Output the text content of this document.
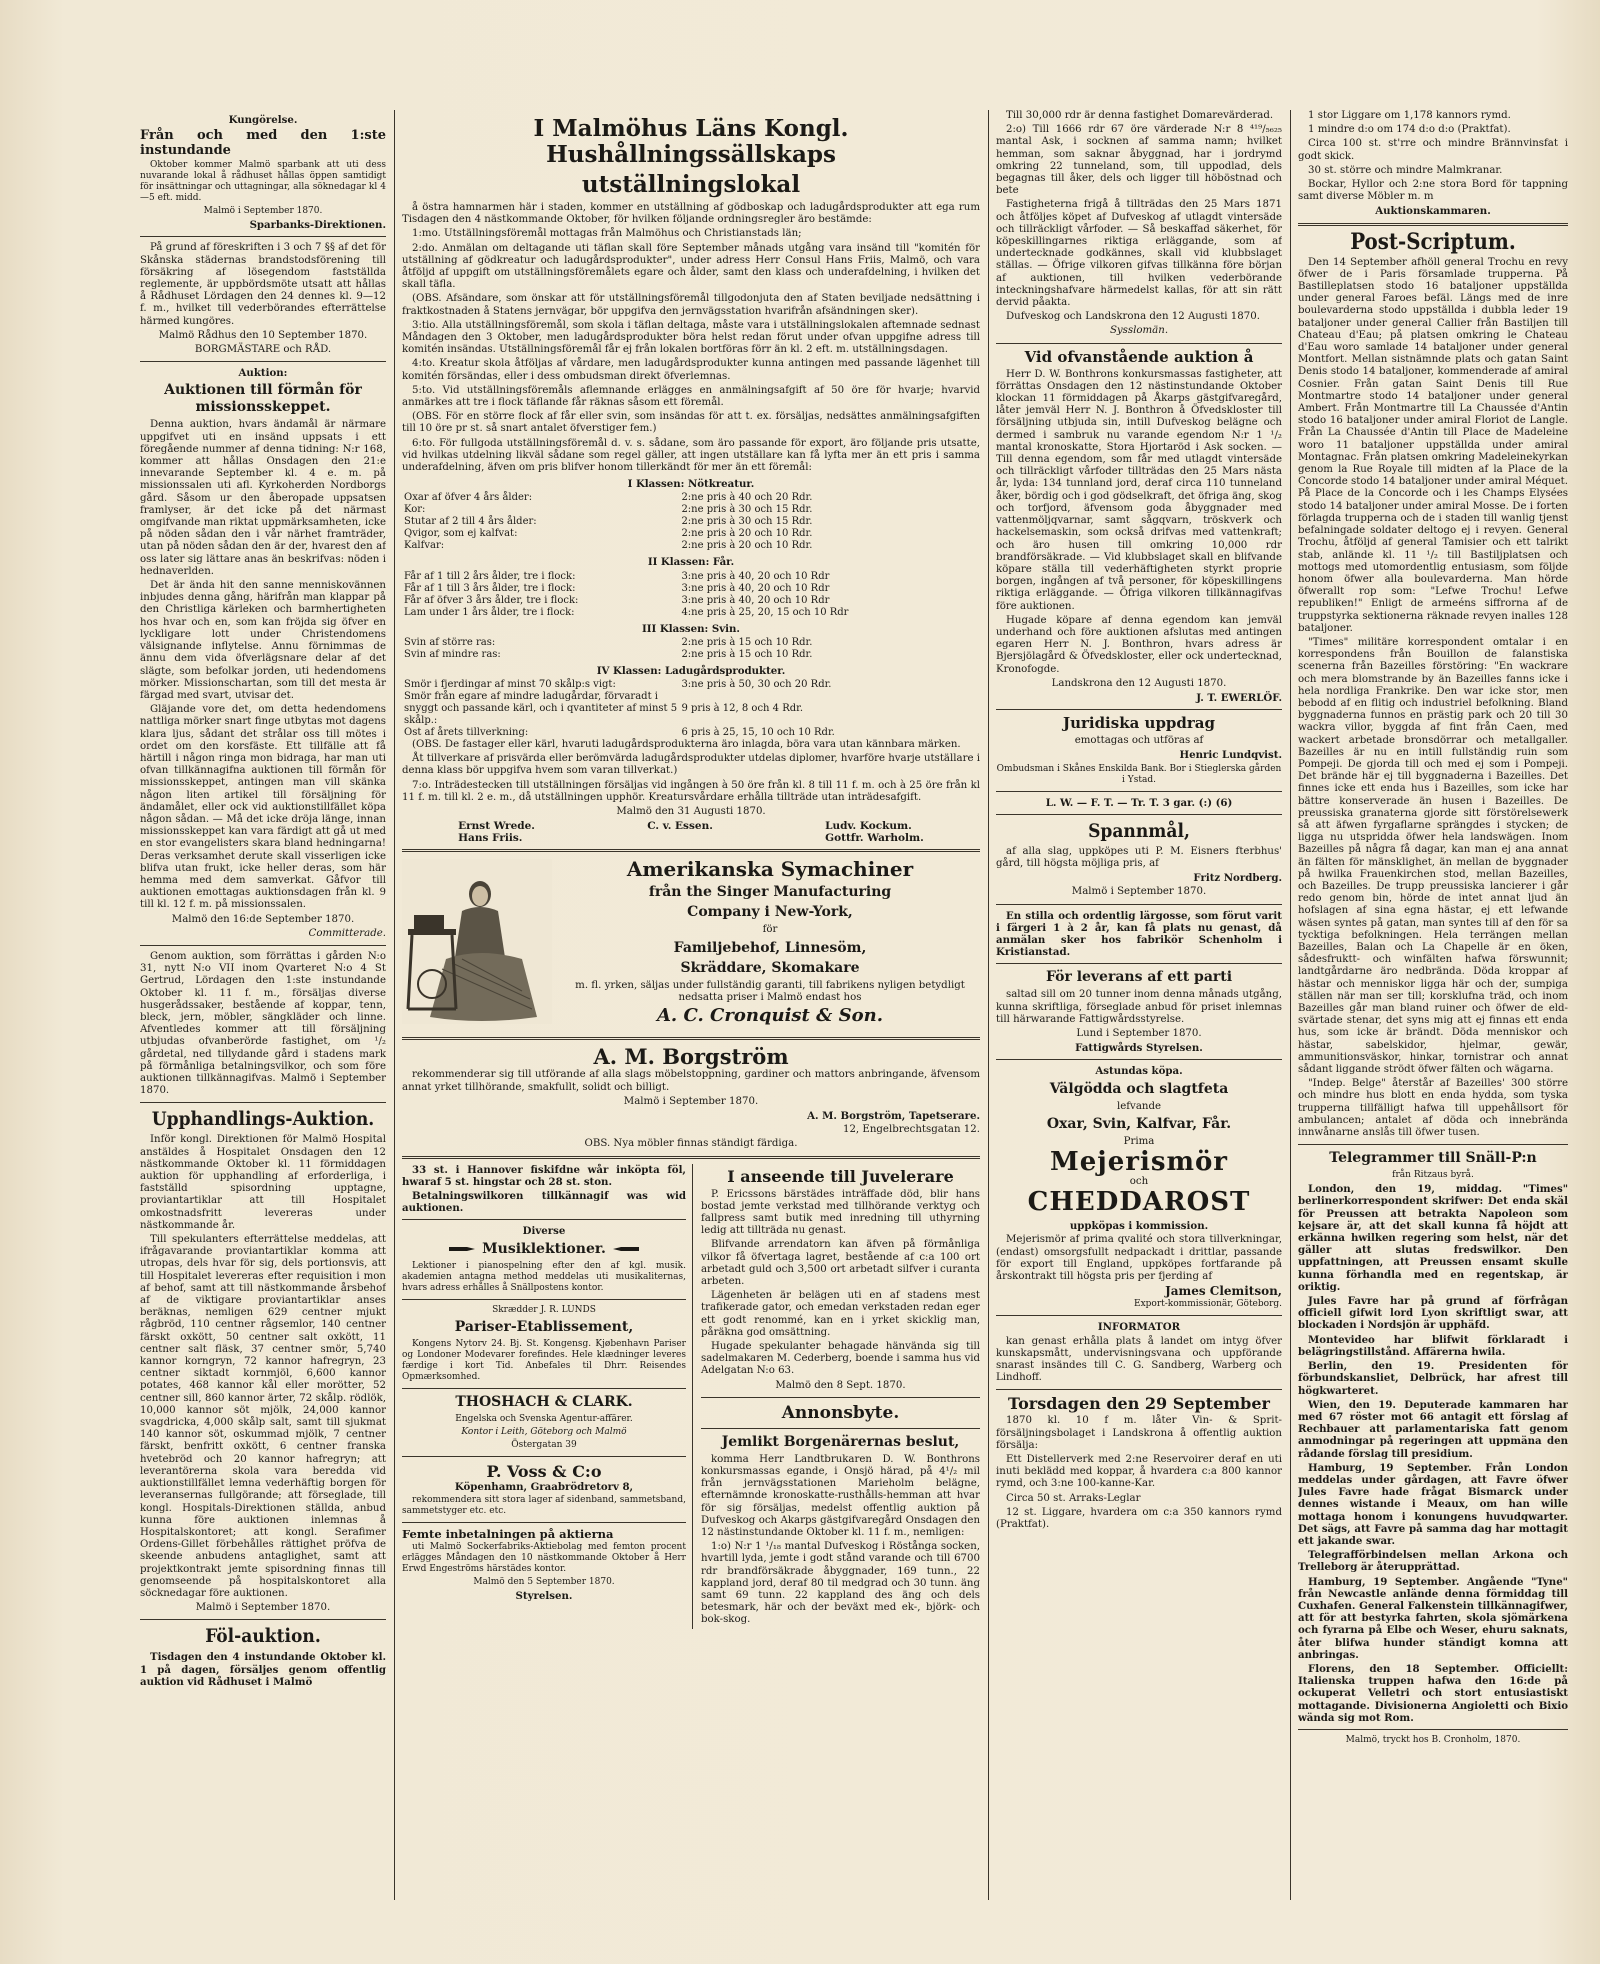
Kungörelse.

Från och med den 1:ste instundande

Oktober kommer Malmö sparbank att uti dess nuvarande lokal å rådhuset hållas öppen samtidigt för insättningar och uttagningar, alla söknedagar kl 4—5 eft. midd.

Malmö i September 1870.

Sparbanks-Direktionen.

På grund af föreskriften i 3 och 7 §§ af det för Skånska städernas brandstodsförening till försäkring af lösegendom fastställda reglemente, är uppbördsmöte utsatt att hållas å Rådhuset Lördagen den 24 dennes kl. 9—12 f. m., hvilket till vederbörandes efterrättelse härmed kungöres.

Malmö Rådhus den 10 September 1870.

BORGMÄSTARE och RÅD.

Auktion:
Auktionen till förmån för missionsskeppet.

Denna auktion, hvars ändamål är närmare uppgifvet uti en insänd uppsats i ett föregående nummer af denna tidning: N:r 168, kommer att hållas Onsdagen den 21:e innevarande September kl. 4 e. m. på missionssalen uti afl. Kyrkoherden Nordborgs gård. Såsom ur den åberopade uppsatsen framlyser, är det icke på det närmast omgifvande man riktat uppmärksamheten, icke på nöden sådan den i vår närhet framträder, utan på nöden sådan den är der, hvarest den af oss later sig lättare anas än beskrifvas: nöden i hednaverlden.

Det är ända hit den sanne menniskovännen inbjudes denna gång, härifrån man klappar på den Christliga kärleken och barmhertigheten hos hvar och en, som kan fröjda sig öfver en lyckligare lott under Christendomens välsignande inflytelse. Annu förnimmas de ännu dem vida öfverlägsnare delar af det slägte, som befolkar jorden, uti hedendomens mörker. Missionschartan, som till det mesta är färgad med svart, utvisar det.

Gläjande vore det, om detta hedendomens nattliga mörker snart finge utbytas mot dagens klara ljus, sådant det strålar oss till mötes i ordet om den korsfäste. Ett tillfälle att få härtill i någon ringa mon bidraga, har man uti ofvan tillkännagifna auktionen till förmån för missionsskeppet, antingen man vill skänka någon liten artikel till försäljning för ändamålet, eller ock vid auktionstillfället köpa någon sådan. — Må det icke dröja länge, innan missionsskeppet kan vara färdigt att gå ut med en stor evangelisters skara bland hedningarna! Deras verksamhet derute skall visserligen icke blifva utan frukt, icke heller deras, som här hemma med dem samverkat. Gåfvor till auktionen emottagas auktionsdagen från kl. 9 till kl. 12 f. m. på missionssalen.

Malmö den 16:de September 1870.

Committerade.

Genom auktion, som förrättas i gården N:o 31, nytt N:o VII inom Qvarteret N:o 4 St Gertrud, Lördagen den 1:ste instundande Oktober kl. 11 f. m., försäljas diverse husgerådssaker, bestående af koppar, tenn, bleck, jern, möbler, sängkläder och linne. Afventledes kommer att till försäljning utbjudas ofvanberörde fastighet, om ¹/₂ gårdetal, ned tillydande gård i stadens mark på förmånliga betalningsvilkor, och som före auktionen tillkännagifvas. Malmö i September 1870.

Upphandlings-Auktion.

Inför kongl. Direktionen för Malmö Hospital anstäldes å Hospitalet Onsdagen den 12 nästkommande Oktober kl. 11 förmiddagen auktion för upphandling af erforderliga, i fastställd spisordning upptagne, proviantartiklar att till Hospitalet omkostnadsfritt levereras under nästkommande år.

Till spekulanters efterrättelse meddelas, att ifrågavarande proviantartiklar komma att utropas, dels hvar för sig, dels portionsvis, att till Hospitalet levereras efter requisition i mon af behof, samt att till nästkommande årsbehof af de viktigare proviantartiklar anses beräknas, nemligen 629 centner mjukt rågbröd, 110 centner rågsemlor, 140 centner färskt oxkött, 50 centner salt oxkött, 11 centner salt fläsk, 37 centner smör, 5,740 kannor korngryn, 72 kannor hafregryn, 23 centner siktadt kornmjöl, 6,600 kannor potates, 468 kannor kål eller morötter, 52 centner sill, 860 kannor ärter, 72 skålp. rödlök, 10,000 kannor söt mjölk, 24,000 kannor svagdricka, 4,000 skålp salt, samt till sjukmat 140 kannor söt, oskummad mjölk, 7 centner färskt, benfritt oxkött, 6 centner franska hvetebröd och 20 kannor hafregryn; att leverantörerna skola vara beredda vid auktionstillfället lemna vederhäftig borgen för leveransernas fullgörande; att förseglade, till kongl. Hospitals-Direktionen ställda, anbud kunna före auktionen inlemnas å Hospitalskontoret; att kongl. Serafimer Ordens-Gillet förbehålles rättighet pröfva de skeende anbudens antaglighet, samt att projektkontrakt jemte spisordning finnas till genomseende på hospitalskontoret alla söcknedagar före auktionen.

Malmö i September 1870.

Föl-auktion.

Tisdagen den 4 instundande Oktober kl. 1 på dagen, försäljes genom offentlig auktion vid Rådhuset i Malmö

I Malmöhus Läns Kongl. Hushållningssällskaps
utställningslokal

å östra hamnarmen här i staden, kommer en utställning af gödboskap och ladugårdsprodukter att ega rum Tisdagen den 4 nästkommande Oktober, för hvilken följande ordningsregler äro bestämde:

1:mo. Utställningsföremål mottagas från Malmöhus och Christianstads län;

2:do. Anmälan om deltagande uti täflan skall före September månads utgång vara insänd till "komitén för utställning af gödkreatur och ladugårdsprodukter", under adress Herr Consul Hans Friis, Malmö, och vara åtföljd af uppgift om utställningsföremålets egare och ålder, samt den klass och underafdelning, i hvilken det skall täfla.

(OBS. Afsändare, som önskar att för utställningsföremål tillgodonjuta den af Staten beviljade nedsättning i fraktkostnaden å Statens jernvägar, bör uppgifva den jernvägsstation hvarifrån afsändningen sker).

3:tio. Alla utställningsföremål, som skola i täflan deltaga, måste vara i utställningslokalen aftemnade sednast Måndagen den 3 Oktober, men ladugårdsprodukter böra helst redan förut under ofvan uppgifne adress till komitén insändas. Utställningsföremål får ej från lokalen bortföras förr än kl. 2 eft. m. utställningsdagen.

4:to. Kreatur skola åtföljas af vårdare, men ladugårdsprodukter kunna antingen med passande lägenhet till komitén försändas, eller i dess ombudsman direkt öfverlemnas.

5:to. Vid utställningsföremåls aflemnande erlägges en anmälningsafgift af 50 öre för hvarje; hvarvid anmärkes att tre i flock täflande får räknas såsom ett föremål.

(OBS. För en större flock af får eller svin, som insändas för att t. ex. försäljas, nedsättes anmälningsafgiften till 10 öre pr st. så snart antalet öfverstiger fem.)

6:to. För fullgoda utställningsföremål d. v. s. sådane, som äro passande för export, äro följande pris utsatte, vid hvilkas utdelning likväl sådane som regel gäller, att ingen utställare kan få lyfta mer än ett pris i samma underafdelning, äfven om pris blifver honom tillerkändt för mer än ett föremål:

I Klassen: Nötkreatur.
Oxar af öfver 4 års ålder:	2:ne pris à 40 och 20 Rdr.
Kor:	2:ne pris à 30 och 15 Rdr.
Stutar af 2 till 4 års ålder:	2:ne pris à 30 och 15 Rdr.
Qvigor, som ej kalfvat:	2:ne pris à 20 och 10 Rdr.
Kalfvar:	2:ne pris à 20 och 10 Rdr.
II Klassen: Får.
Får af 1 till 2 års ålder, tre i flock:	3:ne pris à 40, 20 och 10 Rdr
Får af 1 till 3 års ålder, tre i flock:	3:ne pris à 40, 20 och 10 Rdr
Får af öfver 3 års ålder, tre i flock:	3:ne pris à 40, 20 och 10 Rdr
Lam under 1 års ålder, tre i flock:	4:ne pris à 25, 20, 15 och 10 Rdr
III Klassen: Svin.
Svin af större ras:	2:ne pris à 15 och 10 Rdr.
Svin af mindre ras:	2:ne pris à 15 och 10 Rdr.
IV Klassen: Ladugårdsprodukter.
Smör i fjerdingar af minst 70 skålp:s vigt:	3:ne pris à 50, 30 och 20 Rdr.
Smör från egare af mindre ladugårdar, förvaradt i snyggt och passande kärl, och i qvantiteter af minst 5 skålp.:	9 pris à 12, 8 och 4 Rdr.
Ost af årets tillverkning:	6 pris à 25, 15, 10 och 10 Rdr.

(OBS. De fastager eller kärl, hvaruti ladugårdsprodukterna äro inlagda, böra vara utan kännbara märken.

Åt tillverkare af prisvärda eller berömvärda ladugårdsprodukter utdelas diplomer, hvarföre hvarje utställare i denna klass bör uppgifva hvem som varan tillverkat.)

7:o. Inträdestecken till utställningen försäljas vid ingången à 50 öre från kl. 8 till 11 f. m. och à 25 öre från kl 11 f. m. till kl. 2 e. m., då utställningen upphör. Kreatursvårdare erhålla tillträde utan inträdesafgift.

Malmö den 31 Augusti 1870.

Ernst Wrede.
Hans Friis.
C. v. Essen.	Ludv. Kockum.
Gottfr. Warholm.
Amerikanska Symachiner
från the Singer Manufacturing
Company i New-York,
för
Familjebehof, Linnesöm,
Skräddare, Skomakare

m. fl. yrken, säljas under fullständig garanti, till fabrikens nyligen betydligt nedsatta priser i Malmö endast hos

A. C. Cronquist & Son.
A. M. Borgström

rekommenderar sig till utförande af alla slags möbelstoppning, gardiner och mattors anbringande, äfvensom annat yrket tillhörande, smakfullt, solidt och billigt.

Malmö i September 1870.

A. M. Borgström, Tapetserare.

12, Engelbrechtsgatan 12.

OBS. Nya möbler finnas ständigt färdiga.

33 st. i Hannover fiskifdne wår inköpta föl, hwaraf 5 st. hingstar och 28 st. ston.

Betalningswilkoren tillkännagif was wid auktionen.

Diverse
Musiklektioner.

Lektioner i pianospelning efter den af kgl. musik. akademien antagna method meddelas uti musikaliternas, hvars adress erhålles å Snällpostens kontor.

Skrædder J. R. LUNDS
Pariser-Etablissement,

Kongens Nytorv 24. Bj. St. Kongensg. Kjøbenhavn Pariser og Londoner Modevarer forefindes. Hele klædninger leveres færdige i kort Tid. Anbefales til Dhrr. Reisendes Opmærksomhed.

THOSHACH & CLARK.

Engelska och Svenska Agentur-affärer.

Kontor i Leith, Göteborg och Malmö

Östergatan 39

P. Voss & C:o

Köpenhamn, Graabrödretorv 8,

rekommendera sitt stora lager af sidenband, sammetsband, sammetstyger etc. etc.

Femte inbetalningen på aktierna

uti Malmö Sockerfabriks-Aktiebolag med femton procent erlägges Måndagen den 10 nästkommande Oktober å Herr Erwd Engeströms härstädes kontor.

Malmö den 5 September 1870.

Styrelsen.

I anseende till Juvelerare

P. Ericssons bärstädes inträffade död, blir hans bostad jemte verkstad med tillhörande verktyg och fallpress samt butik med inredning till uthyrning ledig att tillträda nu genast.

Blifvande arrendatorn kan äfven på förmånliga vilkor få öfvertaga lagret, bestående af c:a 100 ort arbetadt guld och 3,500 ort arbetadt silfver i curanta arbeten.

Lägenheten är belägen uti en af stadens mest trafikerade gator, och emedan verkstaden redan eger ett godt renommé, kan en i yrket skicklig man, påräkna god omsättning.

Hugade spekulanter behagade hänvända sig till sadelmakaren M. Cederberg, boende i samma hus vid Adelgatan N:o 63.

Malmö den 8 Sept. 1870.

Annonsbyte.
Jemlikt Borgenärernas beslut,

komma Herr Landtbrukaren D. W. Bonthrons konkursmassas egande, i Onsjö härad, på 4¹/₂ mil från jernvägsstationen Marieholm belägne, efternämnde kronoskatte-rusthålls-hemman att hvar för sig försäljas, medelst offentlig auktion på Dufveskog och Akarps gästgifvaregård Onsdagen den 12 nästinstundande Oktober kl. 11 f. m., nemligen:

1:o) N:r 1 ¹/₁₈ mantal Dufveskog i Röstånga socken, hvartill lyda, jemte i godt stånd varande och till 6700 rdr brandförsäkrade åbyggnader, 169 tunn., 22 kappland jord, deraf 80 til medgrad och 30 tunn. äng samt 69 tunn. 22 kappland des äng och dels betesmark, här och der beväxt med ek-, björk- och bok-skog.

Till 30,000 rdr är denna fastighet Domarevärderad.

2:o) Till 1666 rdr 67 öre värderade N:r 8 ⁴¹⁹/₅₆₂₅ mantal Ask, i socknen af samma namn; hvilket hemman, som saknar åbyggnad, har i jordrymd omkring 22 tunneland, som, till uppodlad, dels begagnas till åker, dels och ligger till höböstnad och bete

Fastigheterna frigå å tillträdas den 25 Mars 1871 och åtföljes köpet af Dufveskog af utlagdt vintersäde och tillräckligt vårfoder. — Så beskaffad säkerhet, för köpeskillingarnes riktiga erläggande, som af undertecknade godkännes, skall vid klubbslaget ställas. — Öfrige vilkoren gifvas tillkänna före början af auktionen, till hvilken vederbörande inteckningshafvare härmedelst kallas, för att sin rätt dervid påakta.

Dufveskog och Landskrona den 12 Augusti 1870.

Sysslomän.

Vid ofvanstående auktion å

Herr D. W. Bonthrons konkursmassas fastigheter, att förrättas Onsdagen den 12 nästinstundande Oktober klockan 11 förmiddagen på Åkarps gästgifvaregård, låter jemväl Herr N. J. Bonthron å Öfvedskloster till försäljning utbjuda sin, intill Dufveskog belägne och dermed i sambruk nu varande egendom N:r 1 ¹/₂ mantal kronoskatte, Stora Hjortaröd i Ask socken. — Till denna egendom, som får med utlagdt vintersäde och tillräckligt vårfoder tillträdas den 25 Mars nästa år, lyda: 134 tunnland jord, deraf circa 110 tunneland åker, bördig och i god gödselkraft, det öfriga äng, skog och torfjord, äfvensom goda åbyggnader med vattenmöljqvarnar, samt sågqvarn, tröskverk och hackelsemaskin, som också drifvas med vattenkraft; och äro husen till omkring 10,000 rdr brandförsäkrade. — Vid klubbslaget skall en blifvande köpare ställa till vederhäftigheten styrkt proprie borgen, ingången af två personer, för köpeskillingens riktiga erläggande. — Öfriga vilkoren tillkännagifvas före auktionen.

Hugade köpare af denna egendom kan jemväl underhand och före auktionen afslutas med antingen egaren Herr N. J. Bonthron, hvars adress är Bjersjölagård & Öfvedskloster, eller ock undertecknad, Kronofogde.

Landskrona den 12 Augusti 1870.

J. T. EWERLÖF.

Juridiska uppdrag

emottagas och utföras af

Henric Lundqvist.

Ombudsman i Skånes Enskilda Bank. Bor i Stieglerska gården i Ystad.

L. W. — F. T. — Tr. T. 3 gar. (:) (6)

Spannmål,

af alla slag, uppköpes uti P. M. Eisners fterbhus' gård, till högsta möjliga pris, af

Fritz Nordberg.

Malmö i September 1870.

En stilla och ordentlig lärgosse, som förut varit i färgeri 1 à 2 år, kan få plats nu genast, då anmälan sker hos fabrikör Schenholm i Kristianstad.

För leverans af ett parti

saltad sill om 20 tunner inom denna månads utgång, kunna skriftliga, förseglade anbud för priset inlemnas till härwarande Fattigwårdsstyrelse.

Lund i September 1870.

Fattigwårds Styrelsen.

Astundas köpa.
Välgödda och slagtfeta
lefvande
Oxar, Svin, Kalfvar, Får.
Prima
Mejerismör
och
CHEDDAROST
uppköpas i kommission.

Mejerismör af prima qvalité och stora tillverkningar, (endast) omsorgsfullt nedpackadt i drittlar, passande för export till England, uppköpes fortfarande på årskontrakt till högsta pris per fjerding af

James Clemitson,

Export-kommissionär, Göteborg.

INFORMATOR

kan genast erhålla plats å landet om intyg öfver kunskapsmått, undervisningsvana och uppförande snarast insändes till C. G. Sandberg, Warberg och Lindhoff.

Torsdagen den 29 September

1870 kl. 10 f m. låter Vin- & Sprit-försäljningsbolaget i Landskrona å offentlig auktion försälja:

Ett Distellerverk med 2:ne Reservoirer deraf en uti inuti beklädd med koppar, å hvardera c:a 800 kannor rymd, och 3:ne 100-kanne-Kar.

Circa 50 st. Arraks-Leglar

12 st. Liggare, hvardera om c:a 350 kannors rymd (Praktfat).

1 stor Liggare om 1,178 kannors rymd.

1 mindre d:o om 174 d:o d:o (Praktfat).

Circa 100 st. st'rre och mindre Brännvinsfat i godt skick.

30 st. större och mindre Malmkranar.

Bockar, Hyllor och 2:ne stora Bord för tappning samt diverse Möbler m. m

Auktionskammaren.

Post-Scriptum.

Den 14 September afhöll general Trochu en revy öfwer de i Paris församlade trupperna. På Bastilleplatsen stodo 16 bataljoner uppställda under general Faroes befäl. Längs med de inre boulevarderna stodo uppställda i dubbla leder 19 bataljoner under general Callier från Bastiljen till Chateau d'Eau; på platsen omkring le Chateau d'Eau woro samlade 14 bataljoner under general Montfort. Mellan sistnämnde plats och gatan Saint Denis stodo 14 bataljoner, kommenderade af amiral Cosnier. Från gatan Saint Denis till Rue Montmartre stodo 14 bataljoner under general Ambert. Från Montmartre till La Chaussée d'Antin stodo 16 bataljoner under amiral Floriot de Langle. Från La Chaussée d'Antin till Place de Madeleine woro 11 bataljoner uppställda under amiral Montagnac. Från platsen omkring Madeleinekyrkan genom la Rue Royale till midten af la Place de la Concorde stodo 14 bataljoner under amiral Méquet. På Place de la Concorde och i les Champs Elysées stodo 14 bataljoner under amiral Mosse. De i forten förlagda trupperna och de i staden till wanlig tjenst befalningade soldater deltogo ej i revyen. General Trochu, åtföljd af general Tamisier och ett talrikt stab, anlände kl. 11 ¹/₂ till Bastiljplatsen och mottogs med utomordentlig entusiasm, som följde honom öfwer alla boulevarderna. Man hörde öfwerallt rop som: "Lefwe Trochu! Lefwe republiken!" Enligt de armeéns siffrorna af de truppstyrka sektionerna räknade revyen inalles 128 bataljoner.

"Times" militäre korrespondent omtalar i en korrespondens från Bouillon de falanstiska scenerna från Bazeilles förstöring: "En wackrare och mera blomstrande by än Bazeilles fanns icke i hela nordliga Frankrike. Den war icke stor, men bebodd af en flitig och industriel befolkning. Bland byggnaderna funnos en prästig park och 20 till 30 wackra villor, byggda af fint från Caen, med wackert arbetade bronsdörrar och metallgaller. Bazeilles är nu en intill fullständig ruin som Pompeji. De gjorda till och med ej som i Pompeji. Det brände här ej till byggnaderna i Bazeilles. Det finnes icke ett enda hus i Bazeilles, som icke har bättre konserverade än husen i Bazeilles. De preussiska granaterna gjorde sitt förstörelsewerk så att äfwen fyrgaflarne sprängdes i stycken; de ligga nu utspridda öfwer hela landswägen. Inom Bazeilles på några få dagar, kan man ej ana annat än fälten för mänsklighet, än mellan de byggnader på hwilka Frauenkirchen stod, mellan Bazeilles, och Bazeilles. De trupp preussiska lancierer i går redo genom bin, hörde de intet annat ljud än hofslagen af sina egna hästar, ej ett lefwande wäsen syntes på gatan, man syntes till af den för sa tycktiga befolkningen. Hela terrängen mellan Bazeilles, Balan och La Chapelle är en öken, sådesfruktt- och winfälten hafwa förswunnit; landtgårdarne äro nedbrända. Döda kroppar af hästar och menniskor ligga här och der, sumpiga ställen när man ser till; korsklufna träd, och inom Bazeilles går man bland ruiner och öfwer de eld-svärtade stenar, det syns mig att ej finnas ett enda hus, som icke är brändt. Döda menniskor och hästar, sabelskidor, hjelmar, gewär, ammunitionsväskor, hinkar, tornistrar och annat sådant liggande strödt öfwer fälten och wägarna.

"Indep. Belge" återstår af Bazeilles' 300 större och mindre hus blott en enda hydda, som tyska trupperna tillfälligt hafwa till uppehållsort för ambulancen; antalet af döda och innebrända innwånarne anslås till öfwer tusen.

Telegrammer till Snäll-P:n

från Ritzaus byrå.

London, den 19, middag. "Times" berlinerkorrespondent skrifwer: Det enda skäl för Preussen att betrakta Napoleon som kejsare är, att det skall kunna få höjdt att erkänna hwilken regering som helst, när det gäller att slutas fredswilkor. Den uppfattningen, att Preussen ensamt skulle kunna förhandla med en regentskap, är oriktig.

Jules Favre har på grund af förfrågan officiell gifwit lord Lyon skriftligt swar, att blockaden i Nordsjön är upphäfd.

Montevideo har blifwit förklaradt i belägringstillstånd. Affärerna hwila.

Berlin, den 19. Presidenten för förbundskansliet, Delbrück, har afrest till högkwarteret.

Wien, den 19. Deputerade kammaren har med 67 röster mot 66 antagit ett förslag af Rechbauer att parlamentariska fatt genom anmodningar på regeringen att uppmäna den rådande förslag till presidium.

Hamburg, 19 September. Från London meddelas under gårdagen, att Favre öfwer Jules Favre hade frågat Bismarck under dennes wistande i Meaux, om han wille mottaga honom i konungens huvudqwarter. Det sägs, att Favre på samma dag har mottagit ett jakande swar.

Telegrafförbindelsen mellan Arkona och Trelleborg är återupprättad.

Hamburg, 19 September. Angående "Tyne" från Newcastle anlände denna förmiddag till Cuxhafen. General Falkenstein tillkännagifwer, att för att bestyrka fahrten, skola sjömärkena och fyrarna på Elbe och Weser, ehuru saknats, åter blifwa hunder ständigt komna att anbringas.

Florens, den 18 September. Officiellt: Italienska truppen hafwa den 16:de på ockuperat Velletri och stort entusiastiskt mottagande. Divisionerna Angioletti och Bixio wända sig mot Rom.

Malmö, tryckt hos B. Cronholm, 1870.
